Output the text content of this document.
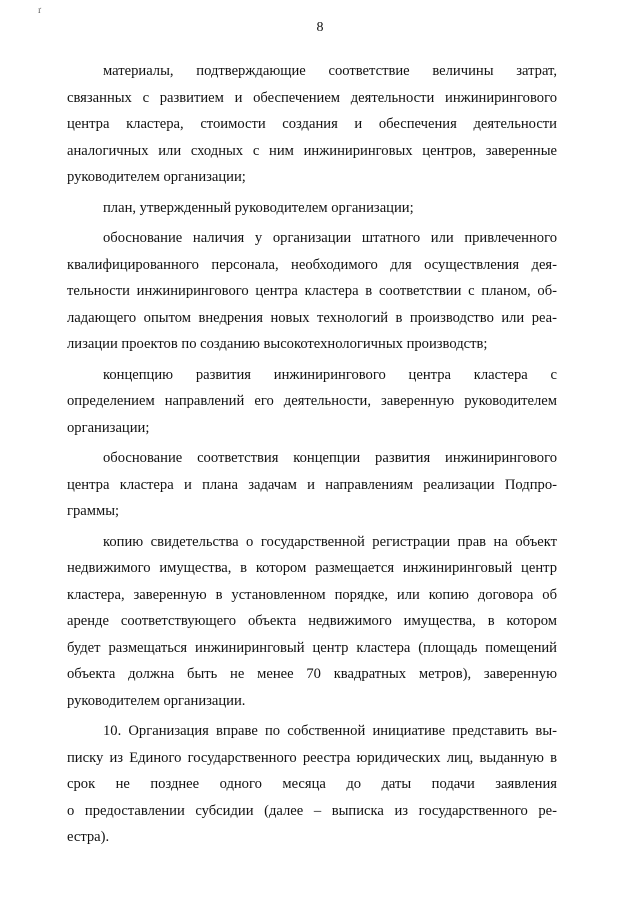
ґ
8
материалы, подтверждающие соответствие величины затрат,
связанных с развитием и обеспечением деятельности инжинирингового
центра кластера, стоимости создания и обеспечения деятельности
аналогичных или сходных с ним инжиниринговых центров, заверенные
руководителем организации;
план, утвержденный руководителем организации;
обоснование наличия у организации штатного или привлеченного
квалифицированного персонала, необходимого для осуществления дея-
тельности инжинирингового центра кластера в соответствии с планом, об-
ладающего опытом внедрения новых технологий в производство или реа-
лизации проектов по созданию высокотехнологичных производств;
концепцию развития инжинирингового центра кластера с
определением направлений его деятельности, заверенную руководителем
организации;
обоснование соответствия концепции развития инжинирингового
центра кластера и плана задачам и направлениям реализации Подпро-
граммы;
копию свидетельства о государственной регистрации прав на объект
недвижимого имущества, в котором размещается инжиниринговый центр
кластера, заверенную в установленном порядке, или копию договора об
аренде соответствующего объекта недвижимого имущества, в котором
будет размещаться инжиниринговый центр кластера (площадь помещений
объекта должна быть не менее 70 квадратных метров), заверенную
руководителем организации.
10. Организация вправе по собственной инициативе представить вы-
писку из Единого государственного реестра юридических лиц, выданную в
срок не позднее одного месяца до даты подачи заявления
о предоставлении субсидии (далее – выписка из государственного ре-
естра).
